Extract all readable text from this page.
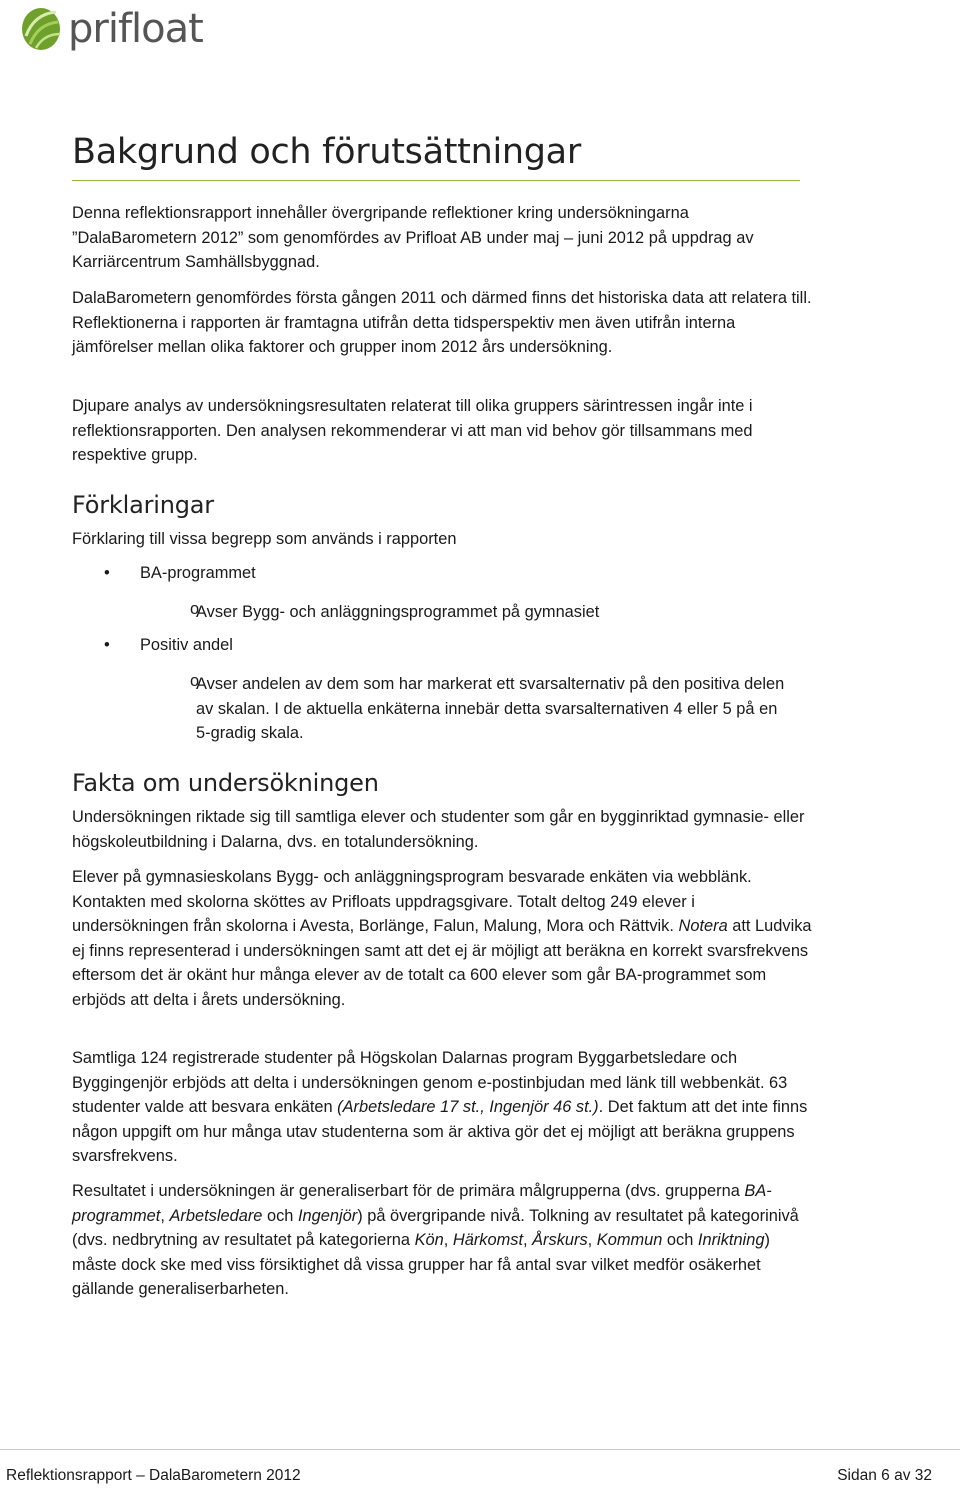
prifloat
Bakgrund och förutsättningar

Denna reflektionsrapport innehåller övergripande reflektioner kring undersökningarna ”DalaBarometern 2012” som genomfördes av Prifloat AB under maj – juni 2012 på uppdrag av Karriärcentrum Samhällsbyggnad.

DalaBarometern genomfördes första gången 2011 och därmed finns det historiska data att relatera till. Reflektionerna i rapporten är framtagna utifrån detta tidsperspektiv men även utifrån interna jämförelser mellan olika faktorer och grupper inom 2012 års undersökning.

Djupare analys av undersökningsresultaten relaterat till olika gruppers särintressen ingår inte i reflektionsrapporten. Den analysen rekommenderar vi att man vid behov gör tillsammans med respektive grupp.

Förklaringar

Förklaring till vissa begrepp som används i rapporten

• BA-programmet
o
Avser Bygg- och anläggningsprogrammet på gymnasiet
• Positiv andel
o
Avser andelen av dem som har markerat ett svarsalternativ på den positiva delen av skalan. I de aktuella enkäterna innebär detta svarsalternativen 4 eller 5 på en 5-gradig skala.
Fakta om undersökningen

Undersökningen riktade sig till samtliga elever och studenter som går en bygginriktad gymnasie- eller högskoleutbildning i Dalarna, dvs. en totalundersökning.

Elever på gymnasieskolans Bygg- och anläggningsprogram besvarade enkäten via webblänk. Kontakten med skolorna sköttes av Prifloats uppdragsgivare. Totalt deltog 249 elever i undersökningen från skolorna i Avesta, Borlänge, Falun, Malung, Mora och Rättvik. Notera att Ludvika ej finns representerad i undersökningen samt att det ej är möjligt att beräkna en korrekt svarsfrekvens eftersom det är okänt hur många elever av de totalt ca 600 elever som går BA-programmet som erbjöds att delta i årets undersökning.

Samtliga 124 registrerade studenter på Högskolan Dalarnas program Byggarbetsledare och Byggingenjör erbjöds att delta i undersökningen genom e-postinbjudan med länk till webbenkät. 63 studenter valde att besvara enkäten (Arbetsledare 17 st., Ingenjör 46 st.). Det faktum att det inte finns någon uppgift om hur många utav studenterna som är aktiva gör det ej möjligt att beräkna gruppens svarsfrekvens.

Resultatet i undersökningen är generaliserbart för de primära målgrupperna (dvs. grupperna BA-programmet, Arbetsledare och Ingenjör) på övergripande nivå. Tolkning av resultatet på kategorinivå (dvs. nedbrytning av resultatet på kategorierna Kön, Härkomst, Årskurs, Kommun och Inriktning) måste dock ske med viss försiktighet då vissa grupper har få antal svar vilket medför osäkerhet gällande generaliserbarheten.

Reflektionsrapport – DalaBarometern 2012	Sidan 6 av 32
